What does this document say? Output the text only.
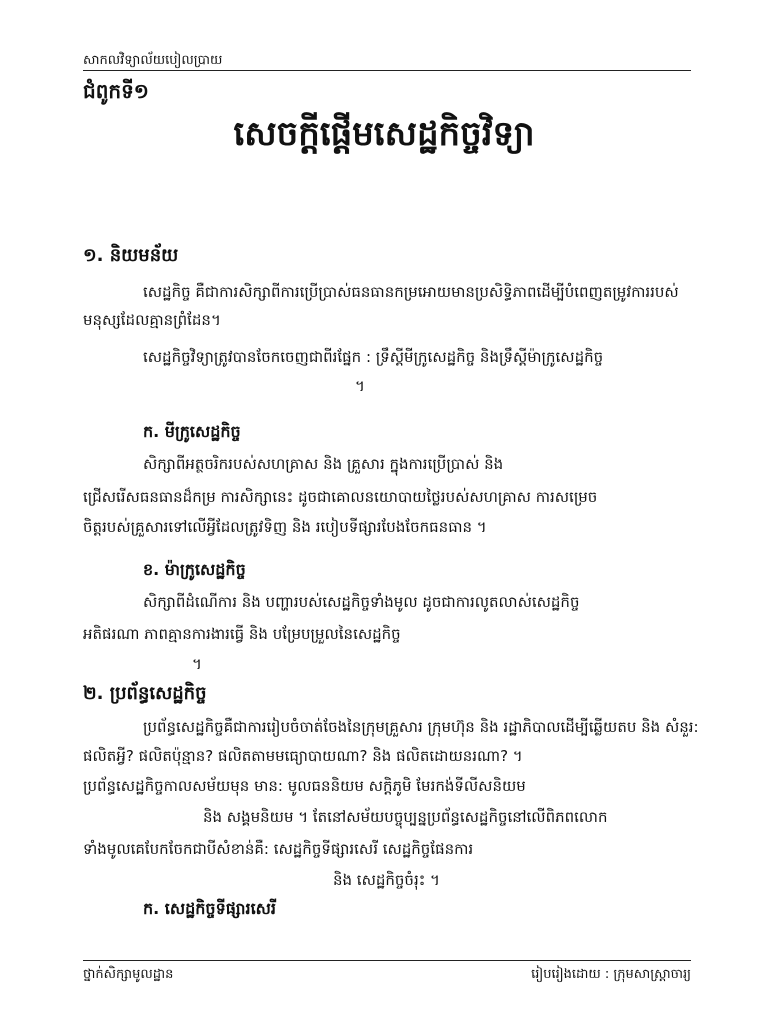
សាកលវិទ្យាល័យបៀលប្រាយ
ជំពូកទី១
សេចក្តីផ្តើមសេដ្ឋកិច្ចវិទ្យា
១. និយមន័យ
សេដ្ឋកិច្ច គឺជាការសិក្សាពីការប្រើប្រាស់ធនធានកម្រអោយមានប្រសិទ្ធិភាពដើម្បីបំពេញតម្រូវការរបស់
មនុស្សដែលគ្មានព្រំដែន។
សេដ្ឋកិច្ចវិទ្យាត្រូវបានចែកចេញជាពីរផ្នែក : ទ្រឹស្តីមីក្រូសេដ្ឋកិច្ច និងទ្រឹស្តីម៉ាក្រូសេដ្ឋកិច្ច
។
ក. មីក្រូសេដ្ឋកិច្ច
សិក្សាពីអត្ថចរិករបស់សហគ្រាស និង គ្រួសារ ក្នុងការប្រើប្រាស់ និង
ជ្រើសរើសធនធានដ៏កម្រ ការសិក្សានេះ ដូចជាគោលនយោបាយថ្លៃរបស់សហគ្រាស ការសម្រេច
ចិត្តរបស់គ្រួសារទៅលើអ្វីដែលត្រូវទិញ និង របៀបទីផ្សារបែងចែកធនធាន ។
ខ. ម៉ាក្រូសេដ្ឋកិច្ច
សិក្សាពីដំណើការ និង បញ្ហារបស់សេដ្ឋកិច្ចទាំងមូល ដូចជាការលូតលាស់សេដ្ឋកិច្ច
អតិផរណា ភាពគ្មានការងារធ្វើ និង បម្រែបម្រួលនៃសេដ្ឋកិច្ច
។
២. ប្រព័ន្ធសេដ្ឋកិច្ច
ប្រព័ន្ធសេដ្ឋកិច្ចគឺជាការរៀបចំចាត់ចែងនៃក្រុមគ្រួសារ ក្រុមហ៊ុន និង រដ្ឋាភិបាលដើម្បីឆ្លើយតប និង សំនួរ:
ផលិតអ្វី? ផលិតប៉ុន្មាន? ផលិតតាមមធ្យោបាយណា? និង ផលិតដោយនរណា? ។
ប្រព័ន្ធសេដ្ឋកិច្ចកាលសម័យមុន មាន: មូលធននិយម សក្តិភូមិ មែរកង់ទីលីសនិយម
និង សង្គមនិយម ។ តែនៅសម័យបច្ចុប្បន្នប្រព័ន្ធសេដ្ឋកិច្ចនៅលើពិភពលោក
ទាំងមូលគេបែកចែកជាបីសំខាន់គឺ: សេដ្ឋកិច្ចទីផ្សារសេរី សេដ្ឋកិច្ចផែនការ
និង សេដ្ឋកិច្ចចំរុះ ។
ក. សេដ្ឋកិច្ចទីផ្សារសេរី
ថ្នាក់សិក្សាមូលដ្ឋាន	រៀបរៀងដោយ : ក្រុមសាស្ត្រាចារ្យ
